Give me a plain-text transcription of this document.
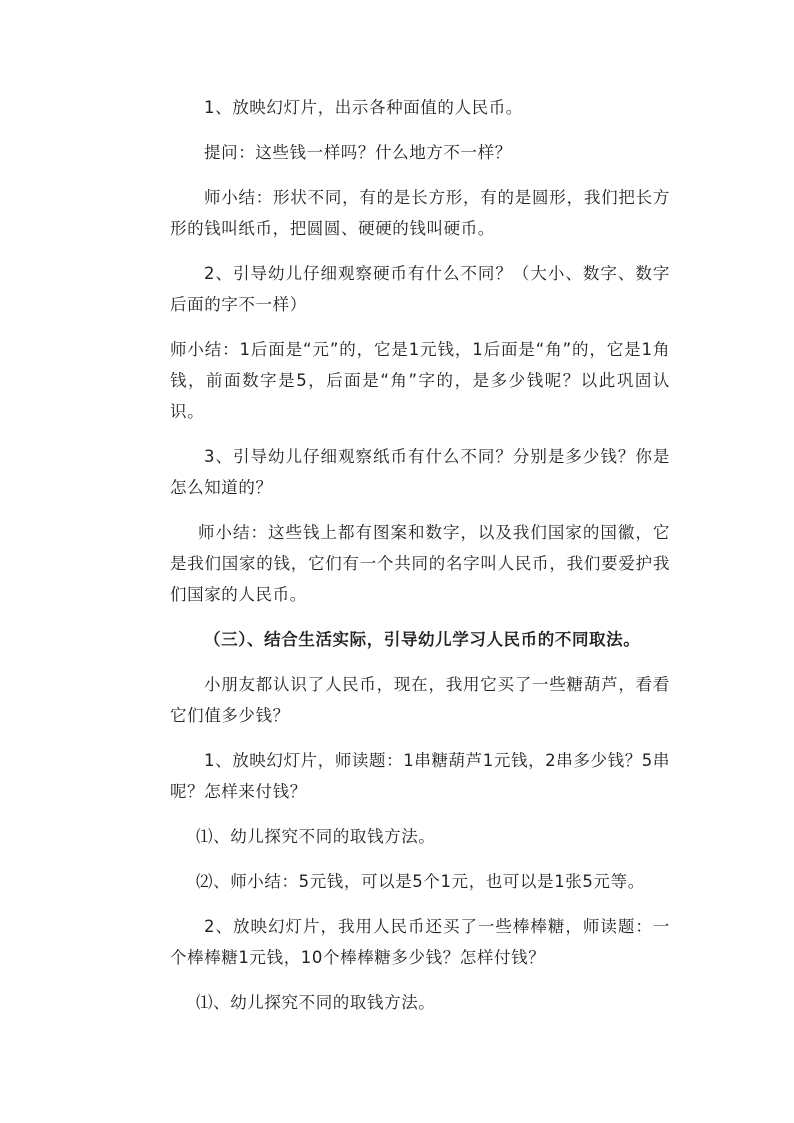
1、放映幻灯片，出示各种面值的人民币。

提问：这些钱一样吗？什么地方不一样？

师小结：形状不同，有的是长方形，有的是圆形，我们把长方形的钱叫纸币，把圆圆、硬硬的钱叫硬币。

2、引导幼儿仔细观察硬币有什么不同？（大小、数字、数字后面的字不一样）

师小结：1后面是“元”的，它是1元钱，1后面是“角”的，它是1角钱，前面数字是5，后面是“角”字的，是多少钱呢？以此巩固认识。

3、引导幼儿仔细观察纸币有什么不同？分别是多少钱？你是怎么知道的？

师小结：这些钱上都有图案和数字，以及我们国家的国徽，它是我们国家的钱，它们有一个共同的名字叫人民币，我们要爱护我们国家的人民币。

（三）、结合生活实际，引导幼儿学习人民币的不同取法。

小朋友都认识了人民币，现在，我用它买了一些糖葫芦，看看它们值多少钱？

1、放映幻灯片，师读题：1串糖葫芦1元钱，2串多少钱？5串呢？怎样来付钱？

⑴、幼儿探究不同的取钱方法。

⑵、师小结：5元钱，可以是5个1元，也可以是1张5元等。

2、放映幻灯片，我用人民币还买了一些棒棒糖，师读题：一个棒棒糖1元钱，10个棒棒糖多少钱？怎样付钱？

⑴、幼儿探究不同的取钱方法。
